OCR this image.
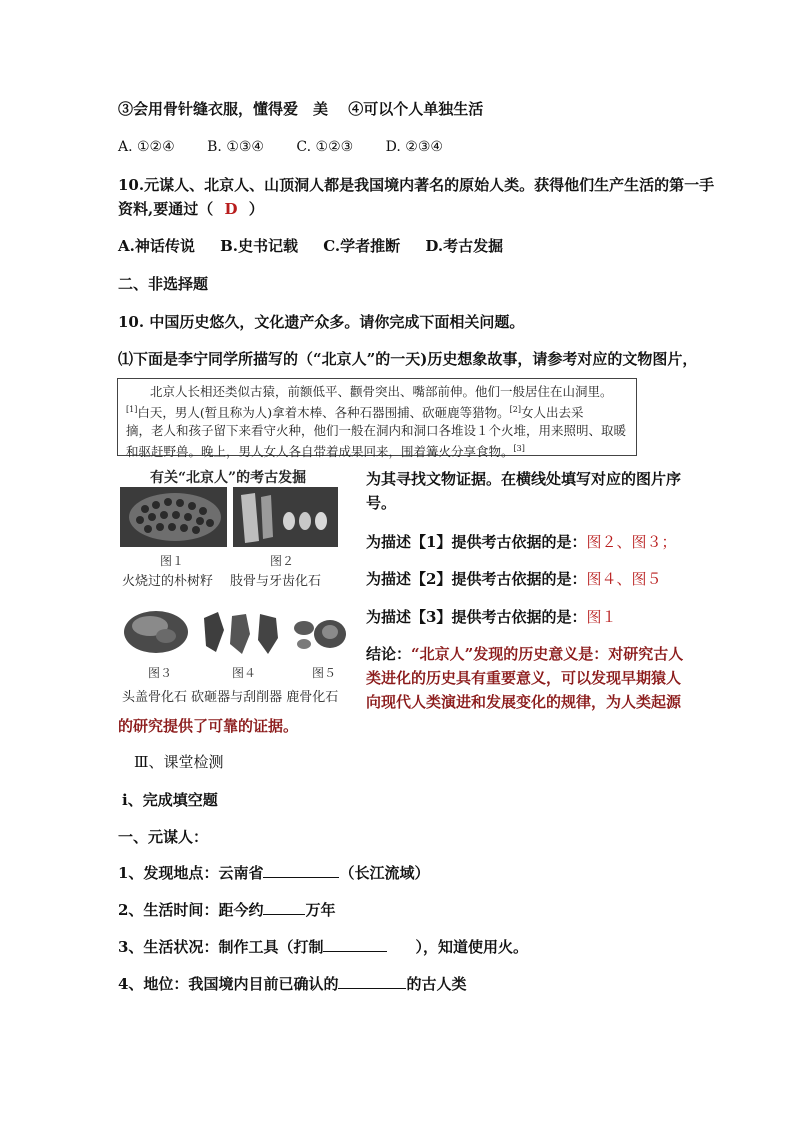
③会用骨针缝衣服，懂得爱　美　 ④可以个人单独生活
A. ①②④ B. ①③④ C. ①②③ D. ②③④
10.元谋人、北京人、山顶洞人都是我国境内著名的原始人类。获得他们生产生活的第一手
资料,要通过（ D ）
A.神话传说 B.史书记载 C.学者推断 D.考古发掘
二、非选择题
10. 中国历史悠久，文化遗产众多。请你完成下面相关问题。
⑴下面是李宁同学所描写的（“北京人”的一天)历史想象故事，请参考对应的文物图片，
北京人长相还类似古猿，前额低平、颧骨突出、嘴部前伸。他们一般居住在山洞里。
[1]白天，男人(暂且称为人)拿着木棒、各种石器围捕、砍砸鹿等猎物。[2]女人出去采
摘，老人和孩子留下来看守火种，他们一般在洞内和洞口各堆设１个火堆，用来照明、取暖
和驱赶野兽。晚上，男人女人各自带着成果回来，围着篝火分享食物。[3]
有关“北京人”的考古发掘
图１	图２
火烧过的朴树籽 肢骨与牙齿化石
图３	图４	图５
头盖骨化石 砍砸器与刮削器 鹿骨化石
为其寻找文物证据。在横线处填写对应的图片序
号。
为描述【1】提供考古依据的是：图２、图３；
为描述【2】提供考古依据的是：图４、图５
为描述【3】提供考古依据的是：图１
结论：“北京人”发现的历史意义是：对研究古人
类进化的历史具有重要意义，可以发现早期猿人
向现代人类演进和发展变化的规律，为人类起源
的研究提供了可靠的证据。
Ⅲ、课堂检测
ⅰ、完成填空题
一、元谋人：
1、发现地点：云南省	（长江流域）
2、生活时间：距今约	万年
3、生活状况：制作工具（打制	），知道使用火。
4、地位：我国境内目前已确认的	的古人类
